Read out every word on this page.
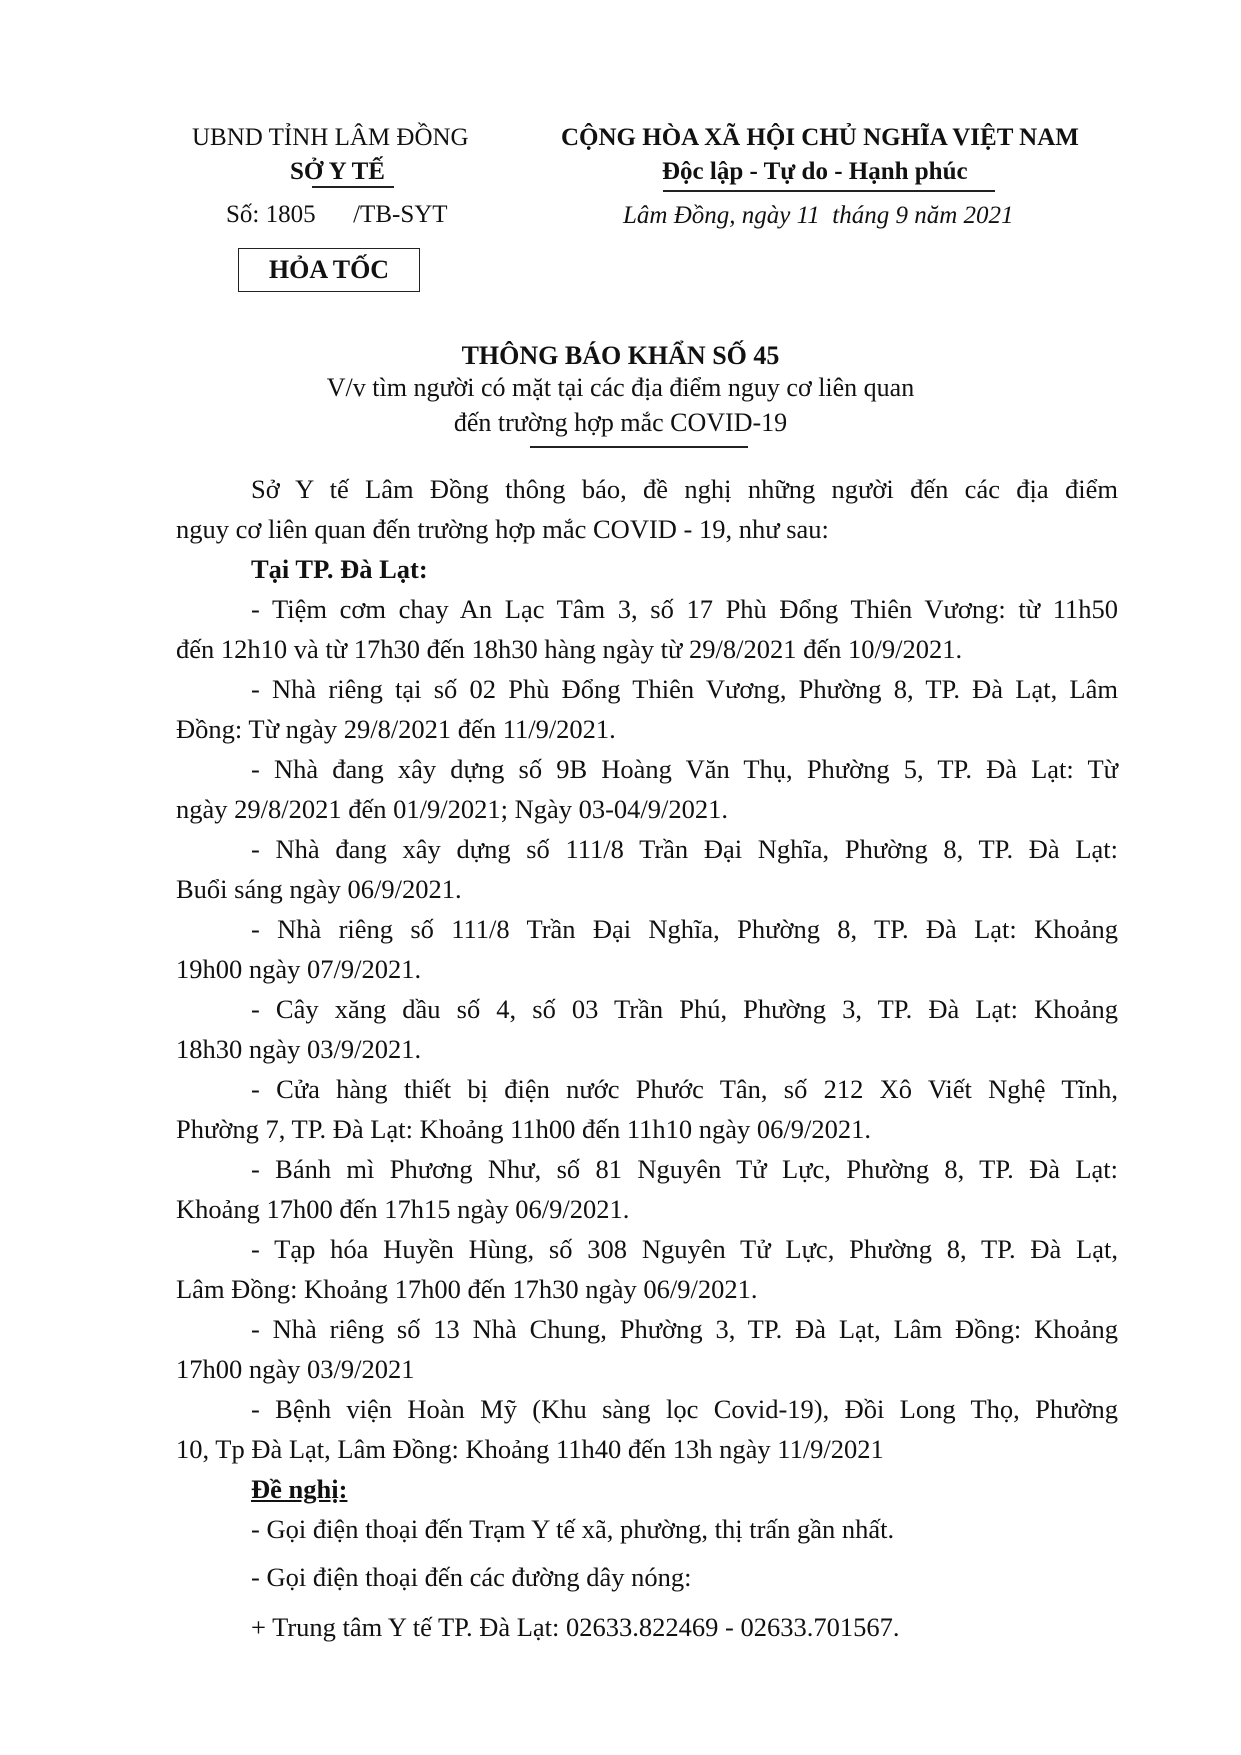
UBND TỈNH LÂM ĐỒNG
SỞ Y TẾ
Số: 1805      /TB-SYT
HỎA TỐC
CỘNG HÒA XÃ HỘI CHỦ NGHĨA VIỆT NAM
Độc lập - Tự do - Hạnh phúc
Lâm Đồng, ngày 11  tháng 9 năm 2021
THÔNG BÁO KHẨN SỐ 45
V/v tìm người có mặt tại các địa điểm nguy cơ liên quan
đến trường hợp mắc COVID-19
Sở Y tế Lâm Đồng thông báo, đề nghị những người đến các địa điểm
nguy cơ liên quan đến trường hợp mắc COVID - 19, như sau:
Tại TP. Đà Lạt:
- Tiệm cơm chay An Lạc Tâm 3, số 17 Phù Đổng Thiên Vương: từ 11h50
đến 12h10 và từ 17h30 đến 18h30 hàng ngày từ 29/8/2021 đến 10/9/2021.
- Nhà riêng tại số 02 Phù Đổng Thiên Vương, Phường 8, TP. Đà Lạt, Lâm
Đồng: Từ ngày 29/8/2021 đến 11/9/2021.
- Nhà đang xây dựng số 9B Hoàng Văn Thụ, Phường 5, TP. Đà Lạt: Từ
ngày 29/8/2021 đến 01/9/2021; Ngày 03-04/9/2021.
- Nhà đang xây dựng số 111/8 Trần Đại Nghĩa, Phường 8, TP. Đà Lạt:
Buổi sáng ngày 06/9/2021.
- Nhà riêng số 111/8 Trần Đại Nghĩa, Phường 8, TP. Đà Lạt: Khoảng
19h00 ngày 07/9/2021.
- Cây xăng dầu số 4, số 03 Trần Phú, Phường 3, TP. Đà Lạt: Khoảng
18h30 ngày 03/9/2021.
- Cửa hàng thiết bị điện nước Phước Tân, số 212 Xô Viết Nghệ Tĩnh,
Phường 7, TP. Đà Lạt: Khoảng 11h00 đến 11h10 ngày 06/9/2021.
- Bánh mì Phương Như, số 81 Nguyên Tử Lực, Phường 8, TP. Đà Lạt:
Khoảng 17h00 đến 17h15 ngày 06/9/2021.
- Tạp hóa Huyền Hùng, số 308 Nguyên Tử Lực, Phường 8, TP. Đà Lạt,
Lâm Đồng: Khoảng 17h00 đến 17h30 ngày 06/9/2021.
- Nhà riêng số 13 Nhà Chung, Phường 3, TP. Đà Lạt, Lâm Đồng: Khoảng
17h00 ngày 03/9/2021
- Bệnh viện Hoàn Mỹ (Khu sàng lọc Covid-19), Đồi Long Thọ, Phường
10, Tp Đà Lạt, Lâm Đồng: Khoảng 11h40 đến 13h ngày 11/9/2021
Đề nghị:
- Gọi điện thoại đến Trạm Y tế xã, phường, thị trấn gần nhất.
- Gọi điện thoại đến các đường dây nóng:
+ Trung tâm Y tế TP. Đà Lạt: 02633.822469 - 02633.701567.
